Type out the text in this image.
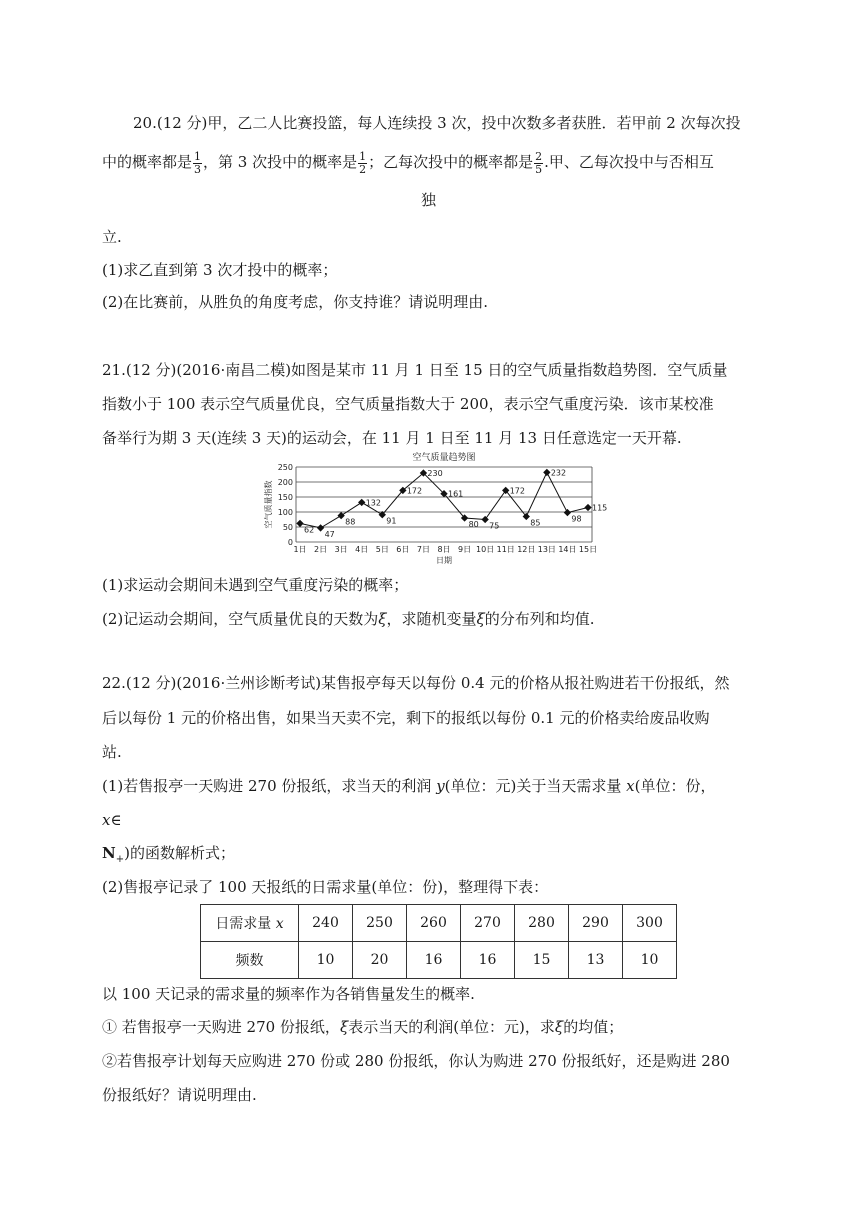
20.(12 分)甲，乙二人比赛投篮，每人连续投 3 次，投中次数多者获胜．若甲前 2 次每次投
中的概率都是 $\frac{1}{3}$ ，第 3 次投中的概率是 $\frac{1}{2}$ ；乙每次投中的概率都是 $\frac{2}{5}$ .甲、乙每次投中与否相互
独
立.
(1)求乙直到第 3 次才投中的概率；
(2)在比赛前，从胜负的角度考虑，你支持谁？请说明理由.
21.(12 分)(2016·南昌二模)如图是某市 11 月 1 日至 15 日的空气质量指数趋势图．空气质量
指数小于 100 表示空气质量优良，空气质量指数大于 200，表示空气重度污染．该市某校准
备举行为期 3 天(连续 3 天)的运动会，在 11 月 1 日至 11 月 13 日任意选定一天开幕.
空气质量趋势图
0
50
100
150
200
250
空气质量指数
62 47
88
132
91
172
230
161
80 75
172
85
232
98
115
1日 2日 3日 4日 5日 6日 7日 8日 9日 10日 11日 12日 13日 14日 15日
日期
(1)求运动会期间未遇到空气重度污染的概率；
(2)记运动会期间，空气质量优良的天数为ξ，求随机变量ξ的分布列和均值.
22.(12 分)(2016·兰州诊断考试)某售报亭每天以每份 0.4 元的价格从报社购进若干份报纸，然
后以每份 1 元的价格出售，如果当天卖不完，剩下的报纸以每份 0.1 元的价格卖给废品收购
站.
(1)若售报亭一天购进 270 份报纸，求当天的利润 y(单位：元)关于当天需求量 x(单位：份，
x∈
$N_+$)的函数解析式；
(2)售报亭记录了 100 天报纸的日需求量(单位：份)，整理得下表：
日需求量 x	240	250	260	270	280	290	300
频数	10	20	16	16	15	13	10
以 100 天记录的需求量的频率作为各销售量发生的概率.
① 若售报亭一天购进 270 份报纸，ξ表示当天的利润(单位：元)，求ξ的均值；
②若售报亭计划每天应购进 270 份或 280 份报纸，你认为购进 270 份报纸好，还是购进 280
份报纸好？请说明理由.
